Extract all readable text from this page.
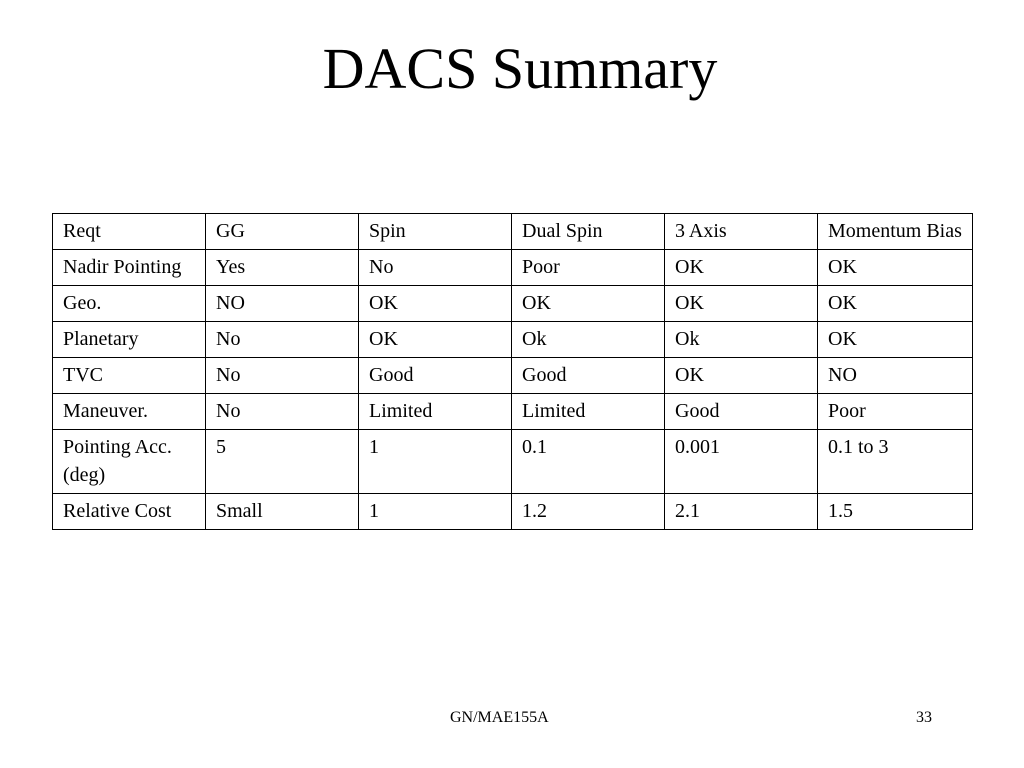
DACS Summary
Reqt	GG	Spin	Dual Spin	3 Axis	Momentum Bias
Nadir Pointing	Yes	No	Poor	OK	OK
Geo.	NO	OK	OK	OK	OK
Planetary	No	OK	Ok	Ok	OK
TVC	No	Good	Good	OK	NO
Maneuver.	No	Limited	Limited	Good	Poor
Pointing Acc. (deg)	5	1	0.1	0.001	0.1 to 3
Relative Cost	Small	1	1.2	2.1	1.5
GN/MAE155A	33
